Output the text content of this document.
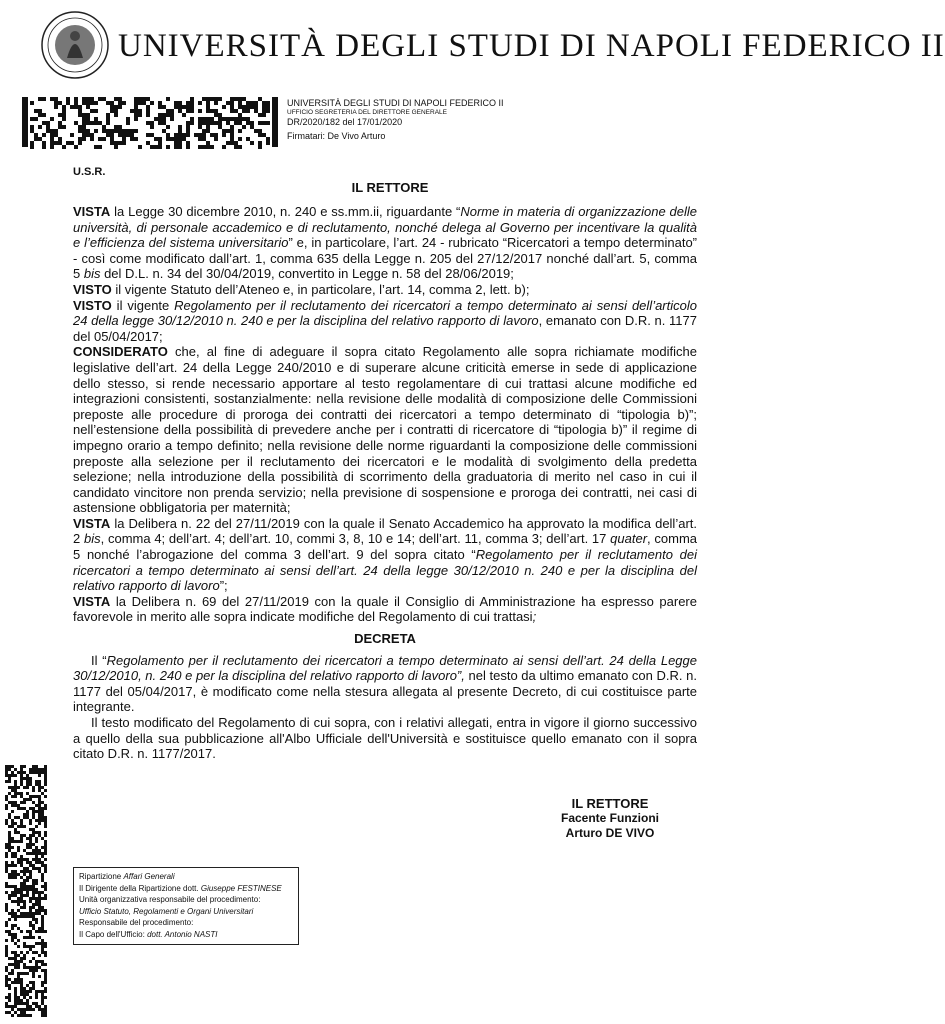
UNIVERSITÀ DEGLI STUDI DI NAPOLI FEDERICO II
UNIVERSITÀ DEGLI STUDI DI NAPOLI FEDERICO II
UFFICIO SEGRETERIA DEL DIRETTORE GENERALE
DR/2020/182 del 17/01/2020
Firmatari: De Vivo Arturo
U.S.R.
IL RETTORE

VISTA la Legge 30 dicembre 2010, n. 240 e ss.mm.ii, riguardante “Norme in materia di organizzazione delle università, di personale accademico e di reclutamento, nonché delega al Governo per incentivare la qualità e l’efficienza del sistema universitario” e, in particolare, l’art. 24 - rubricato “Ricercatori a tempo determinato” - così come modificato dall’art. 1, comma 635 della Legge n. 205 del 27/12/2017 nonché dall’art. 5, comma 5 bis del D.L. n. 34 del 30/04/2019, convertito in Legge n. 58 del 28/06/2019;

VISTO il vigente Statuto dell’Ateneo e, in particolare, l’art. 14, comma 2, lett. b);

VISTO il vigente Regolamento per il reclutamento dei ricercatori a tempo determinato ai sensi dell’articolo 24 della legge 30/12/2010 n. 240 e per la disciplina del relativo rapporto di lavoro, emanato con D.R. n. 1177 del 05/04/2017;

CONSIDERATO che, al fine di adeguare il sopra citato Regolamento alle sopra richiamate modifiche legislative dell’art. 24 della Legge 240/2010 e di superare alcune criticità emerse in sede di applicazione dello stesso, si rende necessario apportare al testo regolamentare di cui trattasi alcune modifiche ed integrazioni consistenti, sostanzialmente: nella revisione delle modalità di composizione delle Commissioni preposte alle procedure di proroga dei contratti dei ricercatori a tempo determinato di “tipologia b)”; nell’estensione della possibilità di prevedere anche per i contratti di ricercatore di “tipologia b)” il regime di impegno orario a tempo definito; nella revisione delle norme riguardanti la composizione delle commissioni preposte alla selezione per il reclutamento dei ricercatori e le modalità di svolgimento della predetta selezione; nella introduzione della possibilità di scorrimento della graduatoria di merito nel caso in cui il candidato vincitore non prenda servizio; nella previsione di sospensione e proroga dei contratti, nei casi di astensione obbligatoria per maternità;

VISTA la Delibera n. 22 del 27/11/2019 con la quale il Senato Accademico ha approvato la modifica dell’art. 2 bis, comma 4; dell’art. 4; dell’art. 10, commi 3, 8, 10 e 14; dell’art. 11, comma 3; dell’art. 17 quater, comma 5 nonché l’abrogazione del comma 3 dell’art. 9 del sopra citato “Regolamento per il reclutamento dei ricercatori a tempo determinato ai sensi dell’art. 24 della legge 30/12/2010 n. 240 e per la disciplina del relativo rapporto di lavoro”;

VISTA la Delibera n. 69 del 27/11/2019 con la quale il Consiglio di Amministrazione ha espresso parere favorevole in merito alle sopra indicate modifiche del Regolamento di cui trattasi;

DECRETA

Il “Regolamento per il reclutamento dei ricercatori a tempo determinato ai sensi dell’art. 24 della Legge 30/12/2010, n. 240 e per la disciplina del relativo rapporto di lavoro”, nel testo da ultimo emanato con D.R. n. 1177 del 05/04/2017, è modificato come nella stesura allegata al presente Decreto, di cui costituisce parte integrante.

Il testo modificato del Regolamento di cui sopra, con i relativi allegati, entra in vigore il giorno successivo a quello della sua pubblicazione all'Albo Ufficiale dell'Università e sostituisce quello emanato con il sopra citato D.R. n. 1177/2017.

IL RETTORE
Facente Funzioni
Arturo DE VIVO
Ripartizione Affari Generali
Il Dirigente della Ripartizione dott. Giuseppe FESTINESE
Unità organizzativa responsabile del procedimento:
Ufficio Statuto, Regolamenti e Organi Universitari
Responsabile del procedimento:
Il Capo dell'Ufficio: dott. Antonio NASTI
